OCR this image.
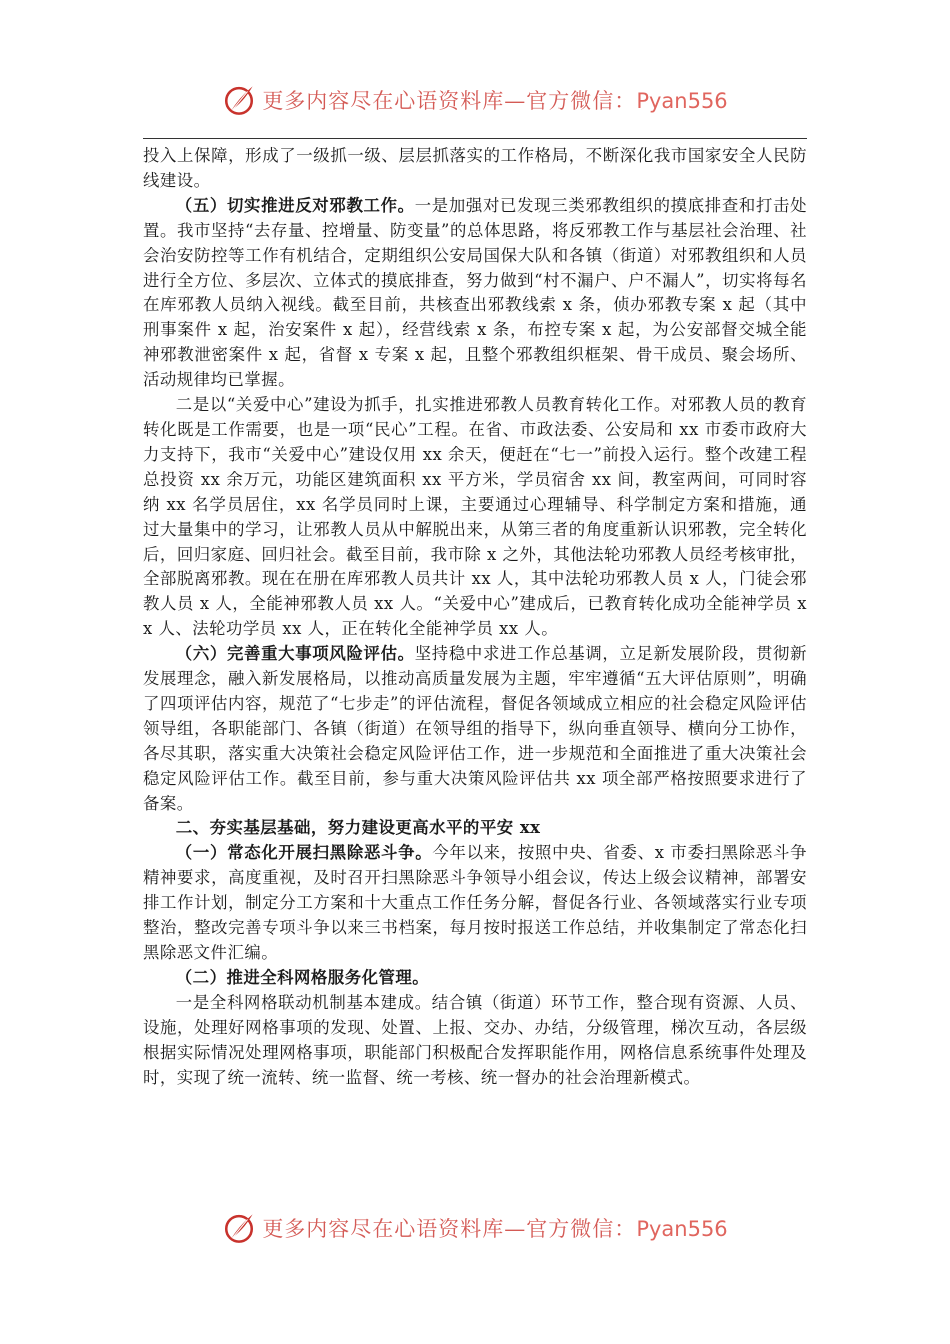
更多内容尽在心语资料库—官方微信：Pyan556

投入上保障，形成了一级抓一级、层层抓落实的工作格局，不断深化我市国家安全人民防线建设。

（五）切实推进反对邪教工作。一是加强对已发现三类邪教组织的摸底排查和打击处置。我市坚持“去存量、控增量、防变量”的总体思路，将反邪教工作与基层社会治理、社会治安防控等工作有机结合，定期组织公安局国保大队和各镇（街道）对邪教组织和人员进行全方位、多层次、立体式的摸底排查，努力做到“村不漏户、户不漏人”，切实将每名在库邪教人员纳入视线。截至目前，共核查出邪教线索 x 条，侦办邪教专案 x 起（其中刑事案件 x 起，治安案件 x 起），经营线索 x 条，布控专案 x 起，为公安部督交城全能神邪教泄密案件 x 起，省督 x 专案 x 起，且整个邪教组织框架、骨干成员、聚会场所、活动规律均已掌握。

二是以“关爱中心”建设为抓手，扎实推进邪教人员教育转化工作。对邪教人员的教育转化既是工作需要，也是一项“民心”工程。在省、市政法委、公安局和 xx 市委市政府大力支持下，我市“关爱中心”建设仅用 xx 余天，便赶在“七一”前投入运行。整个改建工程总投资 xx 余万元，功能区建筑面积 xx 平方米，学员宿舍 xx 间，教室两间，可同时容纳 xx 名学员居住，xx 名学员同时上课，主要通过心理辅导、科学制定方案和措施，通过大量集中的学习，让邪教人员从中解脱出来，从第三者的角度重新认识邪教，完全转化后，回归家庭、回归社会。截至目前，我市除 x 之外，其他法轮功邪教人员经考核审批，全部脱离邪教。现在在册在库邪教人员共计 xx 人，其中法轮功邪教人员 x 人，门徒会邪教人员 x 人，全能神邪教人员 xx 人。“关爱中心”建成后，已教育转化成功全能神学员 xx 人、法轮功学员 xx 人，正在转化全能神学员 xx 人。

（六）完善重大事项风险评估。坚持稳中求进工作总基调，立足新发展阶段，贯彻新发展理念，融入新发展格局，以推动高质量发展为主题，牢牢遵循“五大评估原则”，明确了四项评估内容，规范了“七步走”的评估流程，督促各领域成立相应的社会稳定风险评估领导组，各职能部门、各镇（街道）在领导组的指导下，纵向垂直领导、横向分工协作，各尽其职，落实重大决策社会稳定风险评估工作，进一步规范和全面推进了重大决策社会稳定风险评估工作。截至目前，参与重大决策风险评估共 xx 项全部严格按照要求进行了备案。

二、夯实基层基础，努力建设更高水平的平安 xx

（一）常态化开展扫黑除恶斗争。今年以来，按照中央、省委、x 市委扫黑除恶斗争精神要求，高度重视，及时召开扫黑除恶斗争领导小组会议，传达上级会议精神，部署安排工作计划，制定分工方案和十大重点工作任务分解，督促各行业、各领域落实行业专项整治，整改完善专项斗争以来三书档案，每月按时报送工作总结，并收集制定了常态化扫黑除恶文件汇编。

（二）推进全科网格服务化管理。

一是全科网格联动机制基本建成。结合镇（街道）环节工作，整合现有资源、人员、设施，处理好网格事项的发现、处置、上报、交办、办结，分级管理，梯次互动，各层级根据实际情况处理网格事项，职能部门积极配合发挥职能作用，网格信息系统事件处理及时，实现了统一流转、统一监督、统一考核、统一督办的社会治理新模式。

更多内容尽在心语资料库—官方微信：Pyan556
